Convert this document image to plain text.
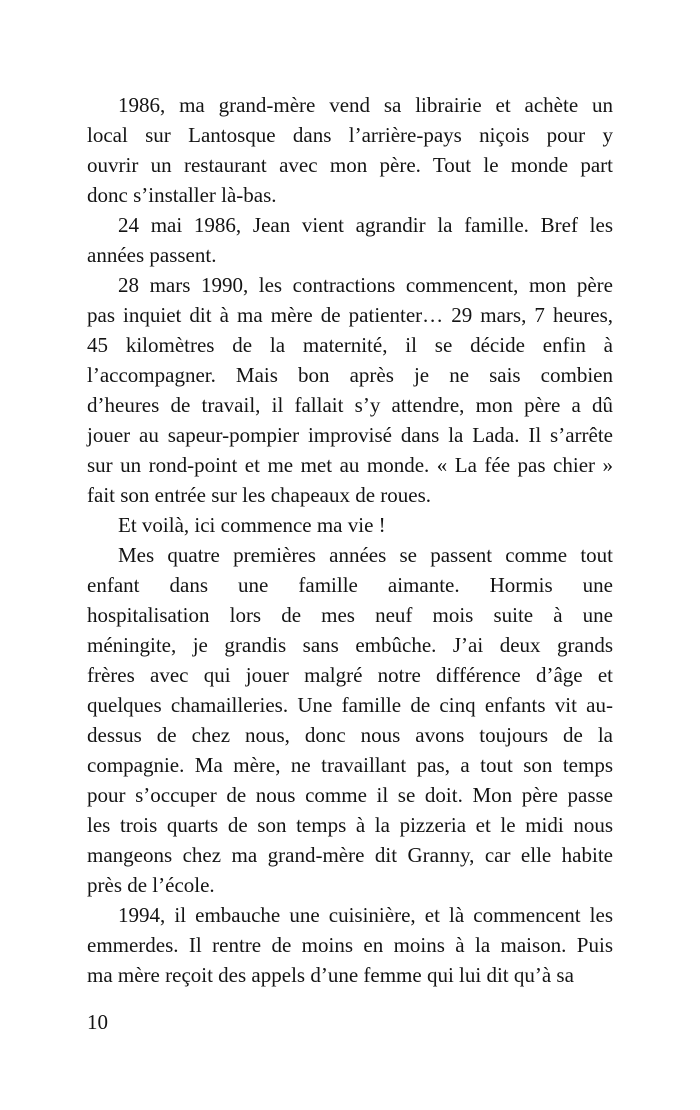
1986, ma grand-mère vend sa librairie et achète un
local sur Lantosque dans l’arrière-pays niçois pour y
ouvrir un restaurant avec mon père. Tout le monde part
donc s’installer là-bas.
24 mai 1986, Jean vient agrandir la famille. Bref les
années passent.
28 mars 1990, les contractions commencent, mon père
pas inquiet dit à ma mère de patienter… 29 mars, 7 heures,
45 kilomètres de la maternité, il se décide enfin à
l’accompagner. Mais bon après je ne sais combien
d’heures de travail, il fallait s’y attendre, mon père a dû
jouer au sapeur-pompier improvisé dans la Lada. Il s’arrête
sur un rond-point et me met au monde. « La fée pas chier »
fait son entrée sur les chapeaux de roues.
Et voilà, ici commence ma vie !
Mes quatre premières années se passent comme tout
enfant dans une famille aimante. Hormis une
hospitalisation lors de mes neuf mois suite à une
méningite, je grandis sans embûche. J’ai deux grands
frères avec qui jouer malgré notre différence d’âge et
quelques chamailleries. Une famille de cinq enfants vit au-
dessus de chez nous, donc nous avons toujours de la
compagnie. Ma mère, ne travaillant pas, a tout son temps
pour s’occuper de nous comme il se doit. Mon père passe
les trois quarts de son temps à la pizzeria et le midi nous
mangeons chez ma grand-mère dit Granny, car elle habite
près de l’école.
1994, il embauche une cuisinière, et là commencent les
emmerdes. Il rentre de moins en moins à la maison. Puis
ma mère reçoit des appels d’une femme qui lui dit qu’à sa
10
